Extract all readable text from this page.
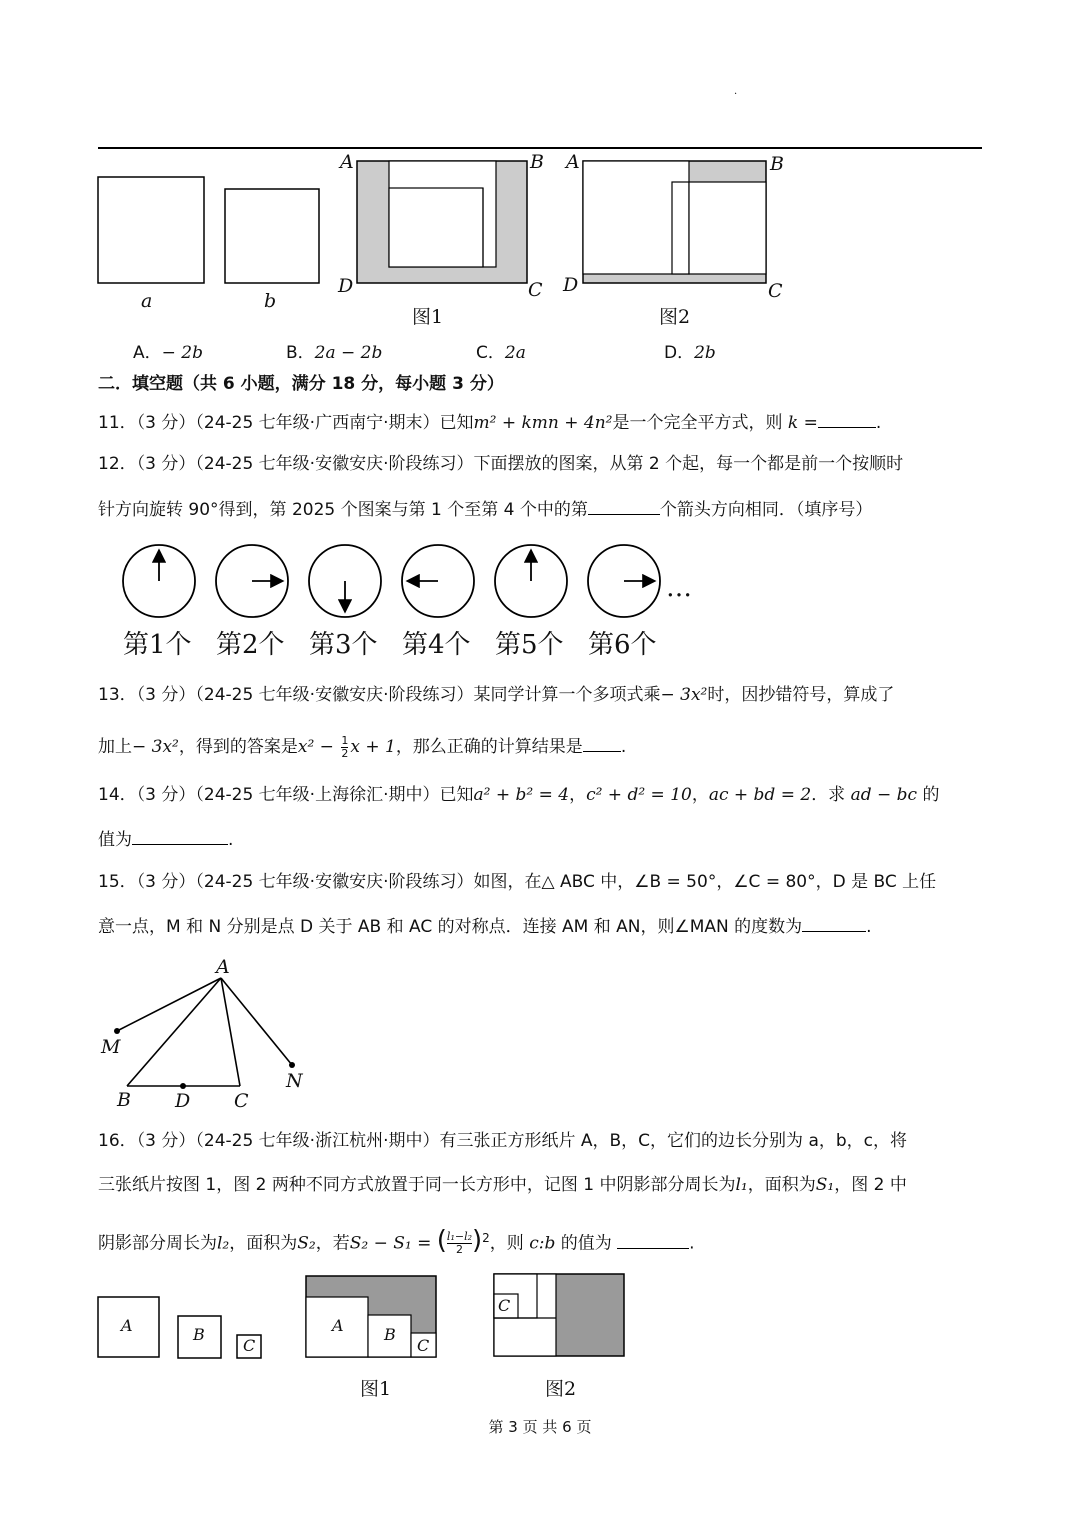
.
a	b
A	B
C
D
A	B
C
D
图1	图2
A．− 2b	B．2a − 2b	C．2a	D．2b
二．填空题（共 6 小题，满分 18 分，每小题 3 分）
11．（3 分）（24-25 七年级·广西南宁·期末）已知m² + kmn + 4n²是一个完全平方式，则 k =	.
12．（3 分）（24-25 七年级·安徽安庆·阶段练习）下面摆放的图案，从第 2 个起，每一个都是前一个按顺时
针方向旋转 90°得到，第 2025 个图案与第 1 个至第 4 个中的第	个箭头方向相同．（填序号）
…
第1个 第2个 第3个 第4个 第5个 第6个
13．（3 分）（24-25 七年级·安徽安庆·阶段练习）某同学计算一个多项式乘− 3x²时，因抄错符号，算成了
加上− 3x²，得到的答案是$x^2 - \frac{1}{2}$ x + 1，那么正确的计算结果是 .
14．（3 分）（24-25 七年级·上海徐汇·期中）已知a² + b² = 4，c² + d² = 10，ac + bd = 2．求 ad − bc 的
值为	.
15．（3 分）（24-25 七年级·安徽安庆·阶段练习）如图，在△ ABC 中，∠B = 50°，∠C = 80°，D 是 BC 上任
意一点，M 和 N 分别是点 D 关于 AB 和 AC 的对称点．连接 AM 和 AN，则∠MAN 的度数为	.
A
M
N
B D C
16．（3 分）（24-25 七年级·浙江杭州·期中）有三张正方形纸片 A，B，C，它们的边长分别为 a，b，c，将
三张纸片按图 1，图 2 两种不同方式放置于同一长方形中，记图 1 中阴影部分周长为l₁，面积为S₁，图 2 中
阴影部分周长为l₂，面积为S₂，若S₂ − S₁ = ( $\frac{\text{l₁−l₂}}{2} )^2$，则 c:b 的值为	.
A	B
C
A	B
C
C
图1	图2
第 3 页 共 6 页
